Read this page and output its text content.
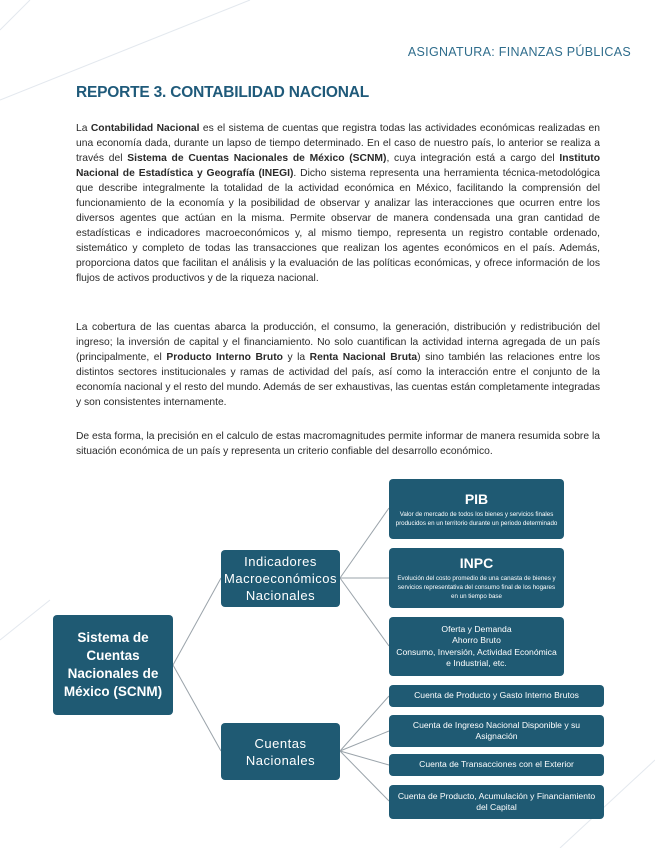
ASIGNATURA: FINANZAS PÚBLICAS
REPORTE 3. CONTABILIDAD NACIONAL

La Contabilidad Nacional es el sistema de cuentas que registra todas las actividades económicas realizadas en una economía dada, durante un lapso de tiempo determinado. En el caso de nuestro país, lo anterior se realiza a través del Sistema de Cuentas Nacionales de México (SCNM), cuya integración está a cargo del Instituto Nacional de Estadística y Geografía (INEGI). Dicho sistema representa una herramienta técnica-metodológica que describe integralmente la totalidad de la actividad económica en México, facilitando la comprensión del funcionamiento de la economía y la posibilidad de observar y analizar las interacciones que ocurren entre los diversos agentes que actúan en la misma. Permite observar de manera condensada una gran cantidad de estadísticas e indicadores macroeconómicos y, al mismo tiempo, representa un registro contable ordenado, sistemático y completo de todas las transacciones que realizan los agentes económicos en el país. Además, proporciona datos que facilitan el análisis y la evaluación de las políticas económicas, y ofrece información de los flujos de activos productivos y de la riqueza nacional.

La cobertura de las cuentas abarca la producción, el consumo, la generación, distribución y redistribución del ingreso; la inversión de capital y el financiamiento. No solo cuantifican la actividad interna agregada de un país (principalmente, el Producto Interno Bruto y la Renta Nacional Bruta) sino también las relaciones entre los distintos sectores institucionales y ramas de actividad del país, así como la interacción entre el conjunto de la economía nacional y el resto del mundo. Además de ser exhaustivas, las cuentas están completamente integradas y son consistentes internamente.

De esta forma, la precisión en el calculo de estas macromagnitudes permite informar de manera resumida sobre la situación económica de un país y representa un criterio confiable del desarrollo económico.

Sistema de Cuentas Nacionales de México (SCNM)
Indicadores Macroeconómicos Nacionales
Cuentas Nacionales
PIB
Valor de mercado de todos los bienes y servicios finales producidos en un territorio durante un periodo determinado
INPC
Evolución del costo promedio de una canasta de bienes y servicios representativa del consumo final de los hogares en un tiempo base
Oferta y Demanda
Ahorro Bruto
Consumo, Inversión, Actividad Económica e Industrial, etc.
Cuenta de Producto y Gasto Interno Brutos
Cuenta de Ingreso Nacional Disponible y su Asignación
Cuenta de Transacciones con el Exterior
Cuenta de Producto, Acumulación y Financiamiento del Capital
